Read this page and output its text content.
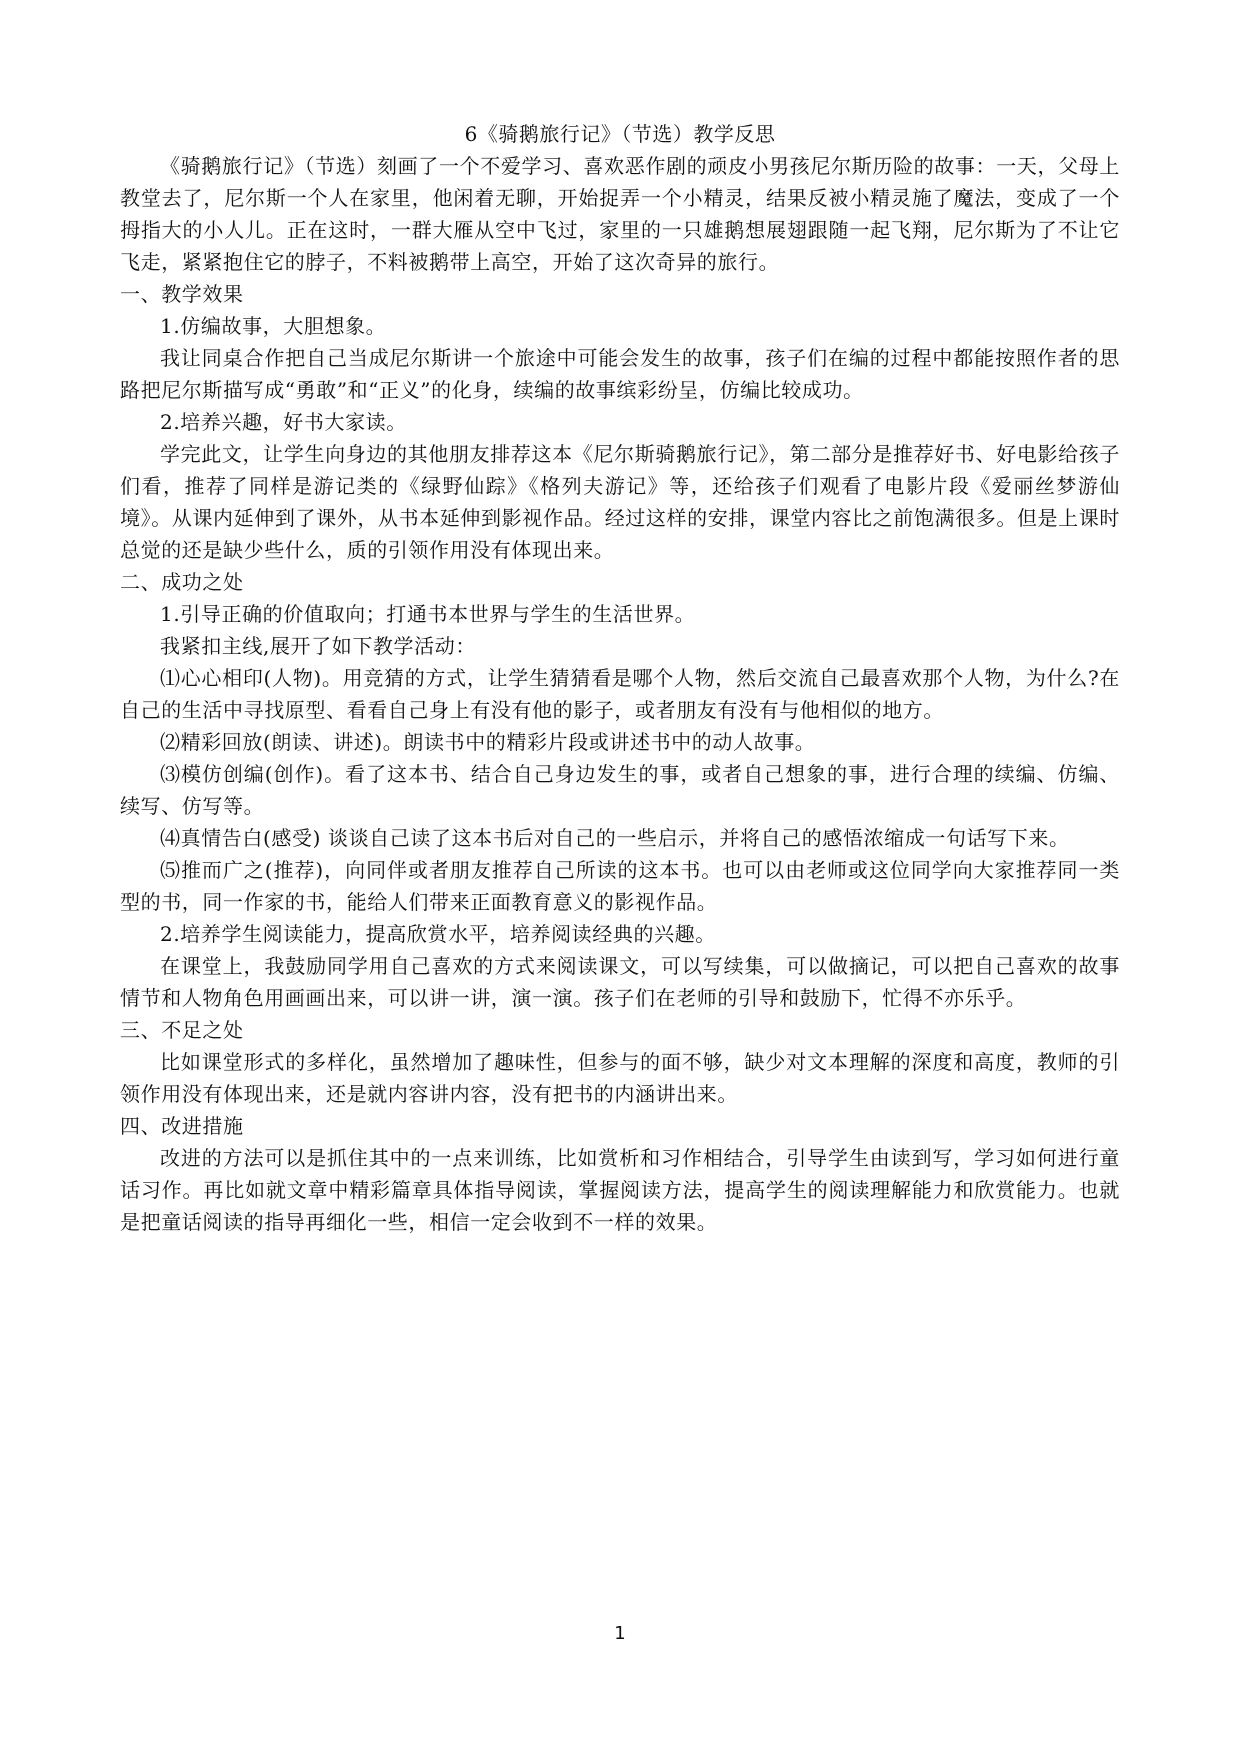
6《骑鹅旅行记》（节选）教学反思

《骑鹅旅行记》（节选）刻画了一个不爱学习、喜欢恶作剧的顽皮小男孩尼尔斯历险的故事：一天，父母上教堂去了，尼尔斯一个人在家里，他闲着无聊，开始捉弄一个小精灵，结果反被小精灵施了魔法，变成了一个拇指大的小人儿。正在这时，一群大雁从空中飞过，家里的一只雄鹅想展翅跟随一起飞翔，尼尔斯为了不让它飞走，紧紧抱住它的脖子，不料被鹅带上高空，开始了这次奇异的旅行。

一、教学效果

1.仿编故事，大胆想象。

我让同桌合作把自己当成尼尔斯讲一个旅途中可能会发生的故事，孩子们在编的过程中都能按照作者的思路把尼尔斯描写成“勇敢”和“正义”的化身，续编的故事缤彩纷呈，仿编比较成功。

2.培养兴趣，好书大家读。

学完此文，让学生向身边的其他朋友排荐这本《尼尔斯骑鹅旅行记》，第二部分是推荐好书、好电影给孩子们看，推荐了同样是游记类的《绿野仙踪》《格列夫游记》等，还给孩子们观看了电影片段《爱丽丝梦游仙境》。从课内延伸到了课外，从书本延伸到影视作品。经过这样的安排，课堂内容比之前饱满很多。但是上课时总觉的还是缺少些什么，质的引领作用没有体现出来。

二、成功之处

1.引导正确的价值取向；打通书本世界与学生的生活世界。

我紧扣主线,展开了如下教学活动：

⑴心心相印(人物)。用竞猜的方式，让学生猜猜看是哪个人物，然后交流自己最喜欢那个人物，为什么?在自己的生活中寻找原型、看看自己身上有没有他的影子，或者朋友有没有与他相似的地方。

⑵精彩回放(朗读、讲述)。朗读书中的精彩片段或讲述书中的动人故事。

⑶模仿创编(创作)。看了这本书、结合自己身边发生的事，或者自己想象的事，进行合理的续编、仿编、续写、仿写等。

⑷真情告白(感受) 谈谈自己读了这本书后对自己的一些启示，并将自己的感悟浓缩成一句话写下来。

⑸推而广之(推荐)，向同伴或者朋友推荐自己所读的这本书。也可以由老师或这位同学向大家推荐同一类型的书，同一作家的书，能给人们带来正面教育意义的影视作品。

2.培养学生阅读能力，提高欣赏水平，培养阅读经典的兴趣。

在课堂上，我鼓励同学用自己喜欢的方式来阅读课文，可以写续集，可以做摘记，可以把自己喜欢的故事情节和人物角色用画画出来，可以讲一讲，演一演。孩子们在老师的引导和鼓励下，忙得不亦乐乎。

三、不足之处

比如课堂形式的多样化，虽然增加了趣味性，但参与的面不够，缺少对文本理解的深度和高度，教师的引领作用没有体现出来，还是就内容讲内容，没有把书的内涵讲出来。

四、改进措施

改进的方法可以是抓住其中的一点来训练，比如赏析和习作相结合，引导学生由读到写，学习如何进行童话习作。再比如就文章中精彩篇章具体指导阅读，掌握阅读方法，提高学生的阅读理解能力和欣赏能力。也就是把童话阅读的指导再细化一些，相信一定会收到不一样的效果。

1
